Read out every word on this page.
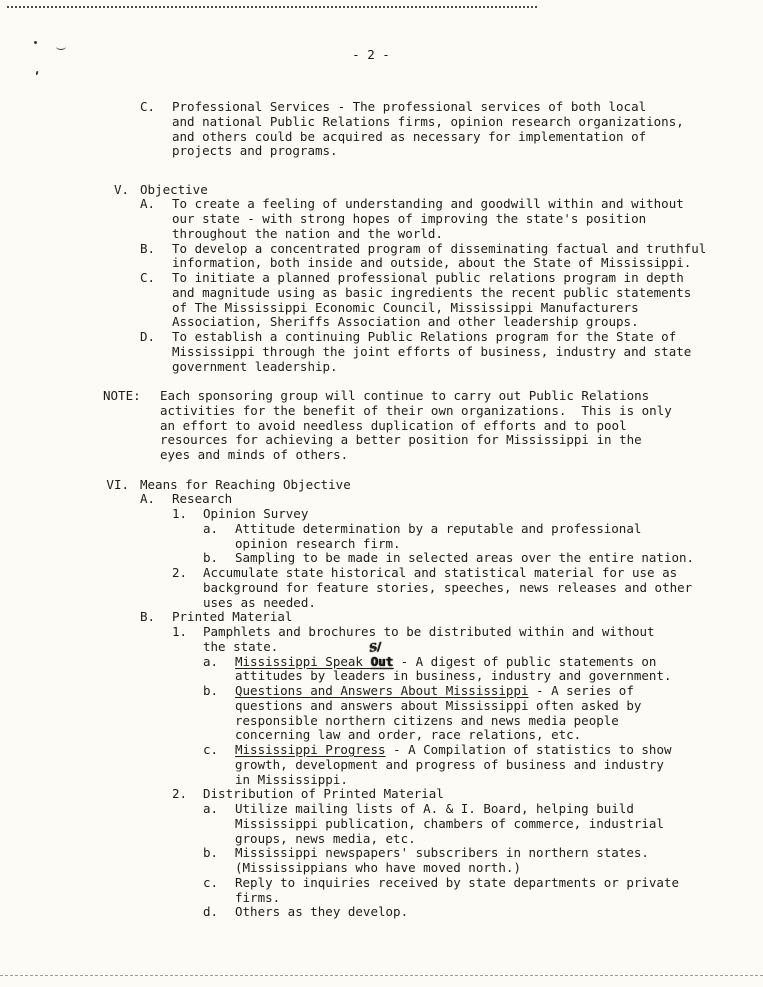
- 2 -
C. Professional Services - The professional services of both local
and national Public Relations firms, opinion research organizations,
and others could be acquired as necessary for implementation of
projects and programs.
V. Objective
A. To create a feeling of understanding and goodwill within and without
our state - with strong hopes of improving the state's position
throughout the nation and the world.
B. To develop a concentrated program of disseminating factual and truthful
information, both inside and outside, about the State of Mississippi.
C. To initiate a planned professional public relations program in depth
and magnitude using as basic ingredients the recent public statements
of The Mississippi Economic Council, Mississippi Manufacturers
Association, Sheriffs Association and other leadership groups.
D. To establish a continuing Public Relations program for the State of
Mississippi through the joint efforts of business, industry and state
government leadership.
NOTE: Each sponsoring group will continue to carry out Public Relations
activities for the benefit of their own organizations.  This is only
an effort to avoid needless duplication of efforts and to pool
resources for achieving a better position for Mississippi in the
eyes and minds of others.
VI. Means for Reaching Objective
A. Research
1. Opinion Survey
a. Attitude determination by a reputable and professional
opinion research firm.
b. Sampling to be made in selected areas over the entire nation.
2. Accumulate state historical and statistical material for use as
background for feature stories, speeches, news releases and other
uses as needed.
B. Printed Material
1. Pamphlets and brochures to be distributed within and without
the state.
a. Mississippi Speak Out
S/
- A digest of public statements on
attitudes by leaders in business, industry and government.
b. Questions and Answers About Mississippi - A series of
questions and answers about Mississippi often asked by
responsible northern citizens and news media people
concerning law and order, race relations, etc.
c. Mississippi Progress - A Compilation of statistics to show
growth, development and progress of business and industry
in Mississippi.
2. Distribution of Printed Material
a. Utilize mailing lists of A. & I. Board, helping build
Mississippi publication, chambers of commerce, industrial
groups, news media, etc.
b. Mississippi newspapers' subscribers in northern states.
(Mississippians who have moved north.)
c. Reply to inquiries received by state departments or private
firms.
d. Others as they develop.
